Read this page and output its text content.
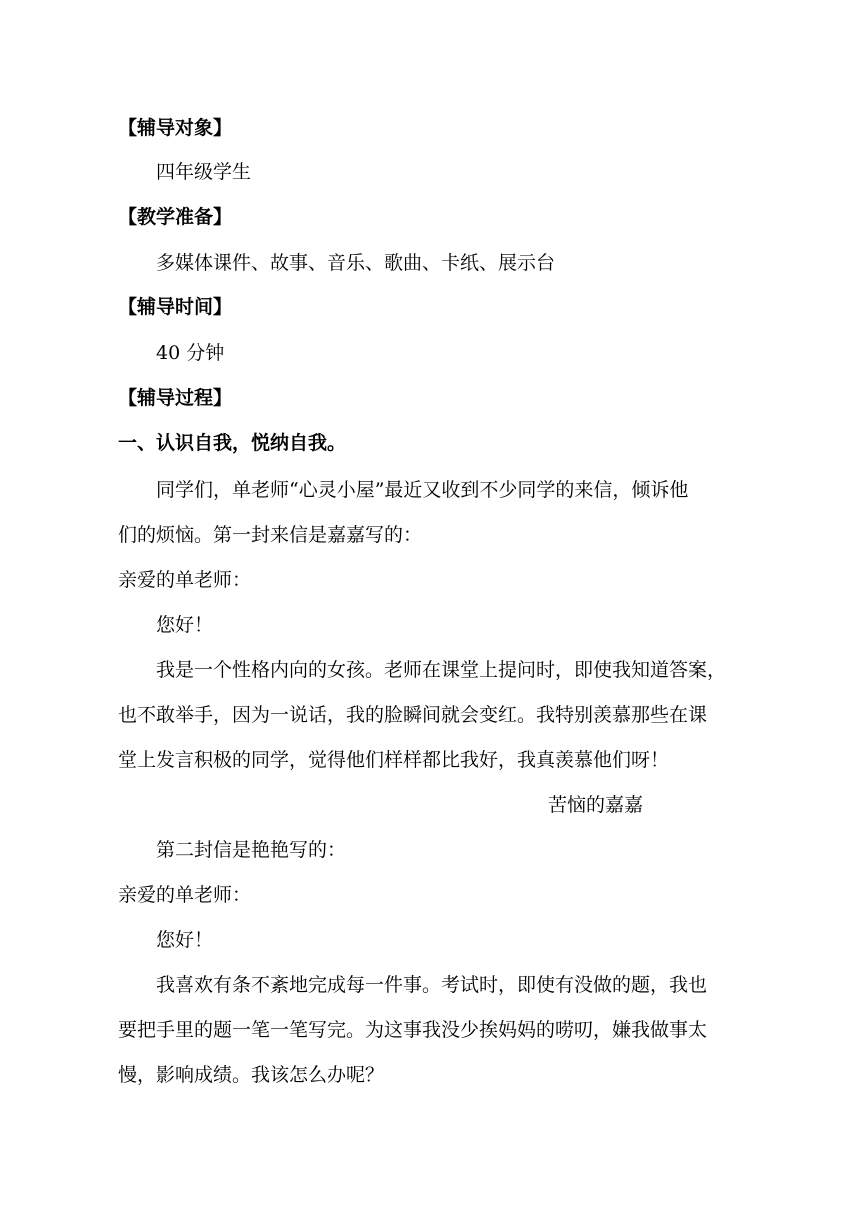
【辅导对象】
四年级学生
【教学准备】
多媒体课件、故事、音乐、歌曲、卡纸、展示台
【辅导时间】
40 分钟
【辅导过程】
一、认识自我，悦纳自我。
同学们，单老师“心灵小屋”最近又收到不少同学的来信，倾诉他
们的烦恼。第一封来信是嘉嘉写的：
亲爱的单老师：
您好！
我是一个性格内向的女孩。老师在课堂上提问时，即使我知道答案，
也不敢举手，因为一说话，我的脸瞬间就会变红。我特别羡慕那些在课
堂上发言积极的同学，觉得他们样样都比我好，我真羡慕他们呀！
苦恼的嘉嘉
第二封信是艳艳写的：
亲爱的单老师：
您好！
我喜欢有条不紊地完成每一件事。考试时，即使有没做的题，我也
要把手里的题一笔一笔写完。为这事我没少挨妈妈的唠叨，嫌我做事太
慢，影响成绩。我该怎么办呢？
